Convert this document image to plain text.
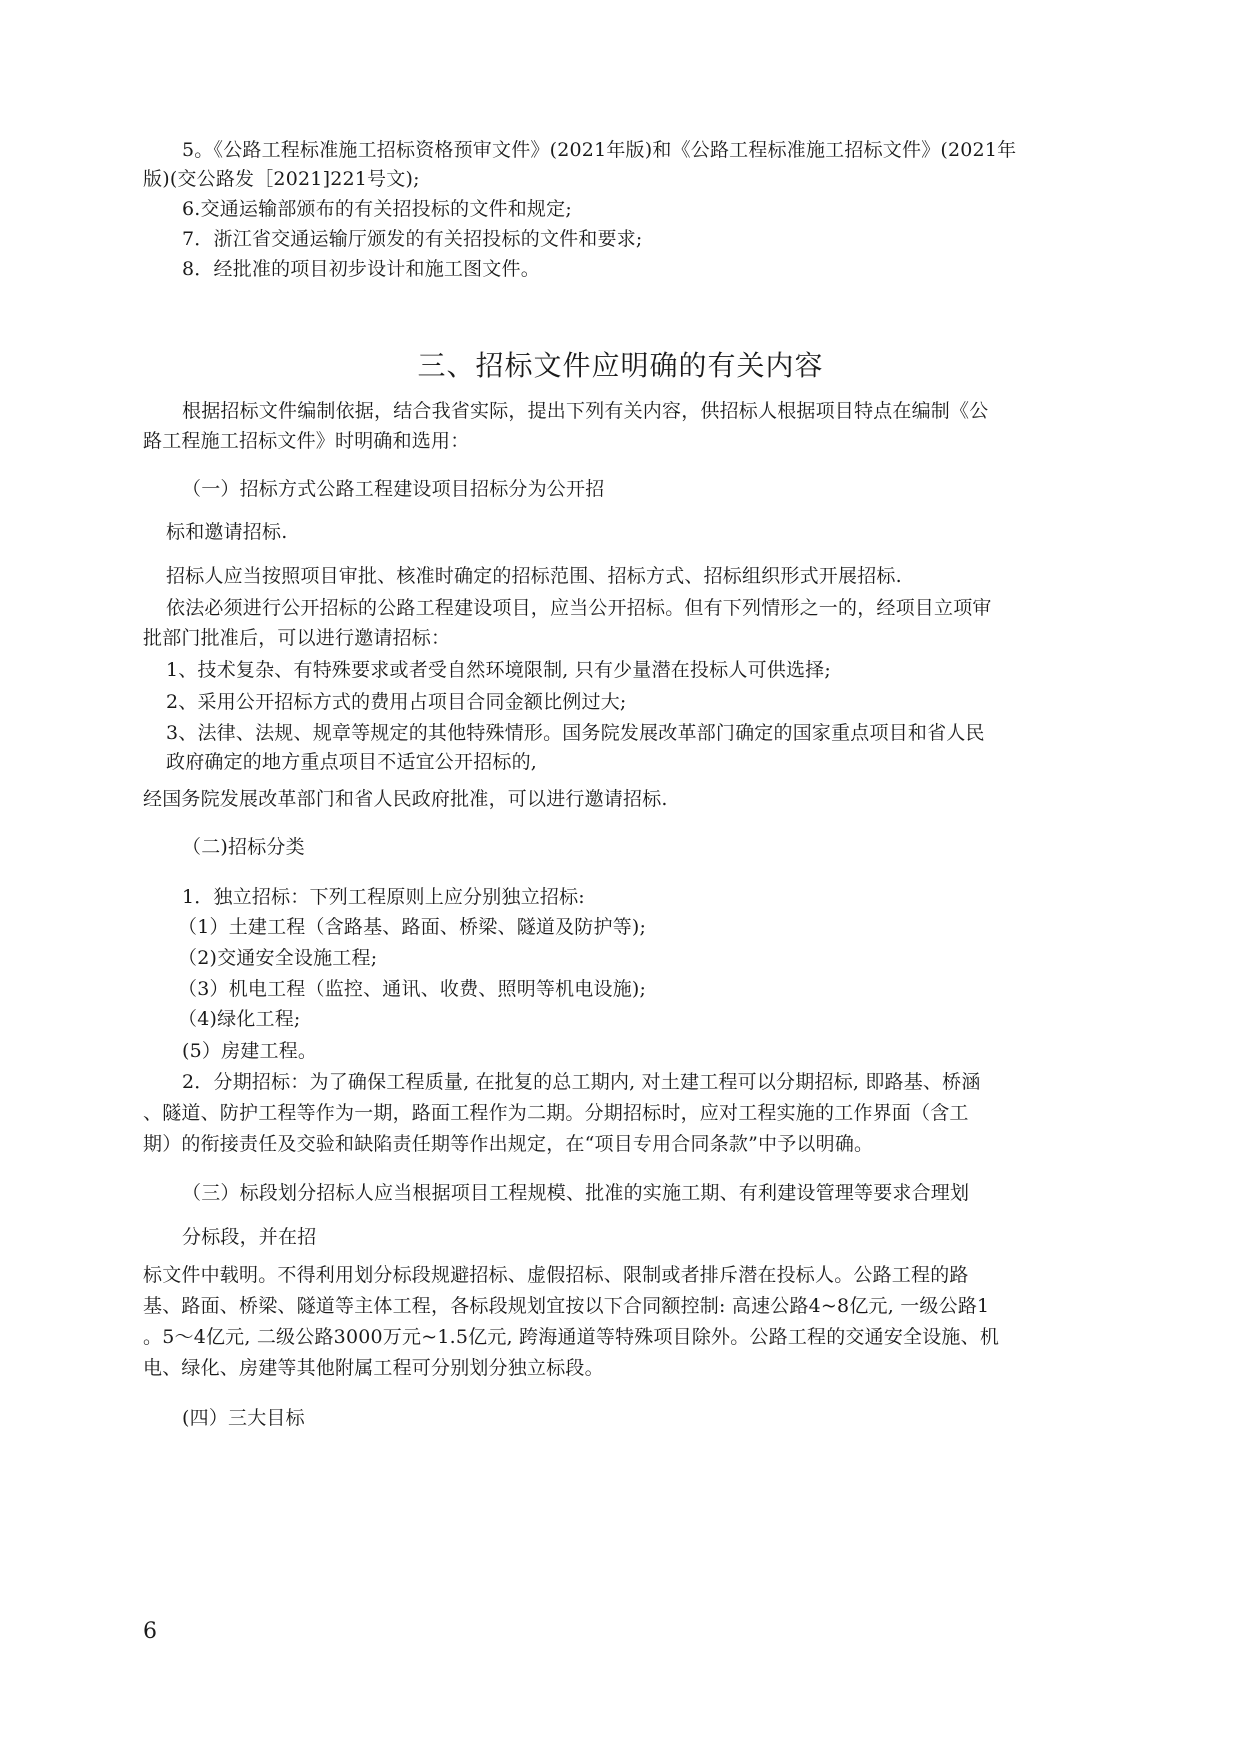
5。《公路工程标准施工招标资格预审文件》(2021年版)和《公路工程标准施工招标文件》(2021年
版)(交公路发［2021]221号文);
6.交通运输部颁布的有关招投标的文件和规定;
7．浙江省交通运输厅颁发的有关招投标的文件和要求;
8．经批准的项目初步设计和施工图文件。
三、招标文件应明确的有关内容
根据招标文件编制依据，结合我省实际，提出下列有关内容，供招标人根据项目特点在编制《公
路工程施工招标文件》时明确和选用：
（一）招标方式公路工程建设项目招标分为公开招
标和邀请招标.
招标人应当按照项目审批、核准时确定的招标范围、招标方式、招标组织形式开展招标.
依法必须进行公开招标的公路工程建设项目，应当公开招标。但有下列情形之一的，经项目立项审
批部门批准后，可以进行邀请招标：
1、技术复杂、有特殊要求或者受自然环境限制, 只有少量潜在投标人可供选择;
2、采用公开招标方式的费用占项目合同金额比例过大;
3、法律、法规、规章等规定的其他特殊情形。国务院发展改革部门确定的国家重点项目和省人民
政府确定的地方重点项目不适宜公开招标的,
经国务院发展改革部门和省人民政府批准，可以进行邀请招标.
（二)招标分类
1．独立招标：下列工程原则上应分别独立招标:
（1）土建工程（含路基、路面、桥梁、隧道及防护等);
（2)交通安全设施工程;
（3）机电工程（监控、通讯、收费、照明等机电设施);
（4)绿化工程;
(5）房建工程。
2．分期招标：为了确保工程质量, 在批复的总工期内, 对土建工程可以分期招标, 即路基、桥涵
、隧道、防护工程等作为一期，路面工程作为二期。分期招标时，应对工程实施的工作界面（含工
期）的衔接责任及交验和缺陷责任期等作出规定，在“项目专用合同条款”中予以明确。
（三）标段划分招标人应当根据项目工程规模、批准的实施工期、有利建设管理等要求合理划
分标段，并在招
标文件中载明。不得利用划分标段规避招标、虚假招标、限制或者排斥潜在投标人。公路工程的路
基、路面、桥梁、隧道等主体工程，各标段规划宜按以下合同额控制: 高速公路4~8亿元, 一级公路1
。5～4亿元, 二级公路3000万元~1.5亿元, 跨海通道等特殊项目除外。公路工程的交通安全设施、机
电、绿化、房建等其他附属工程可分别划分独立标段。
(四）三大目标
6
